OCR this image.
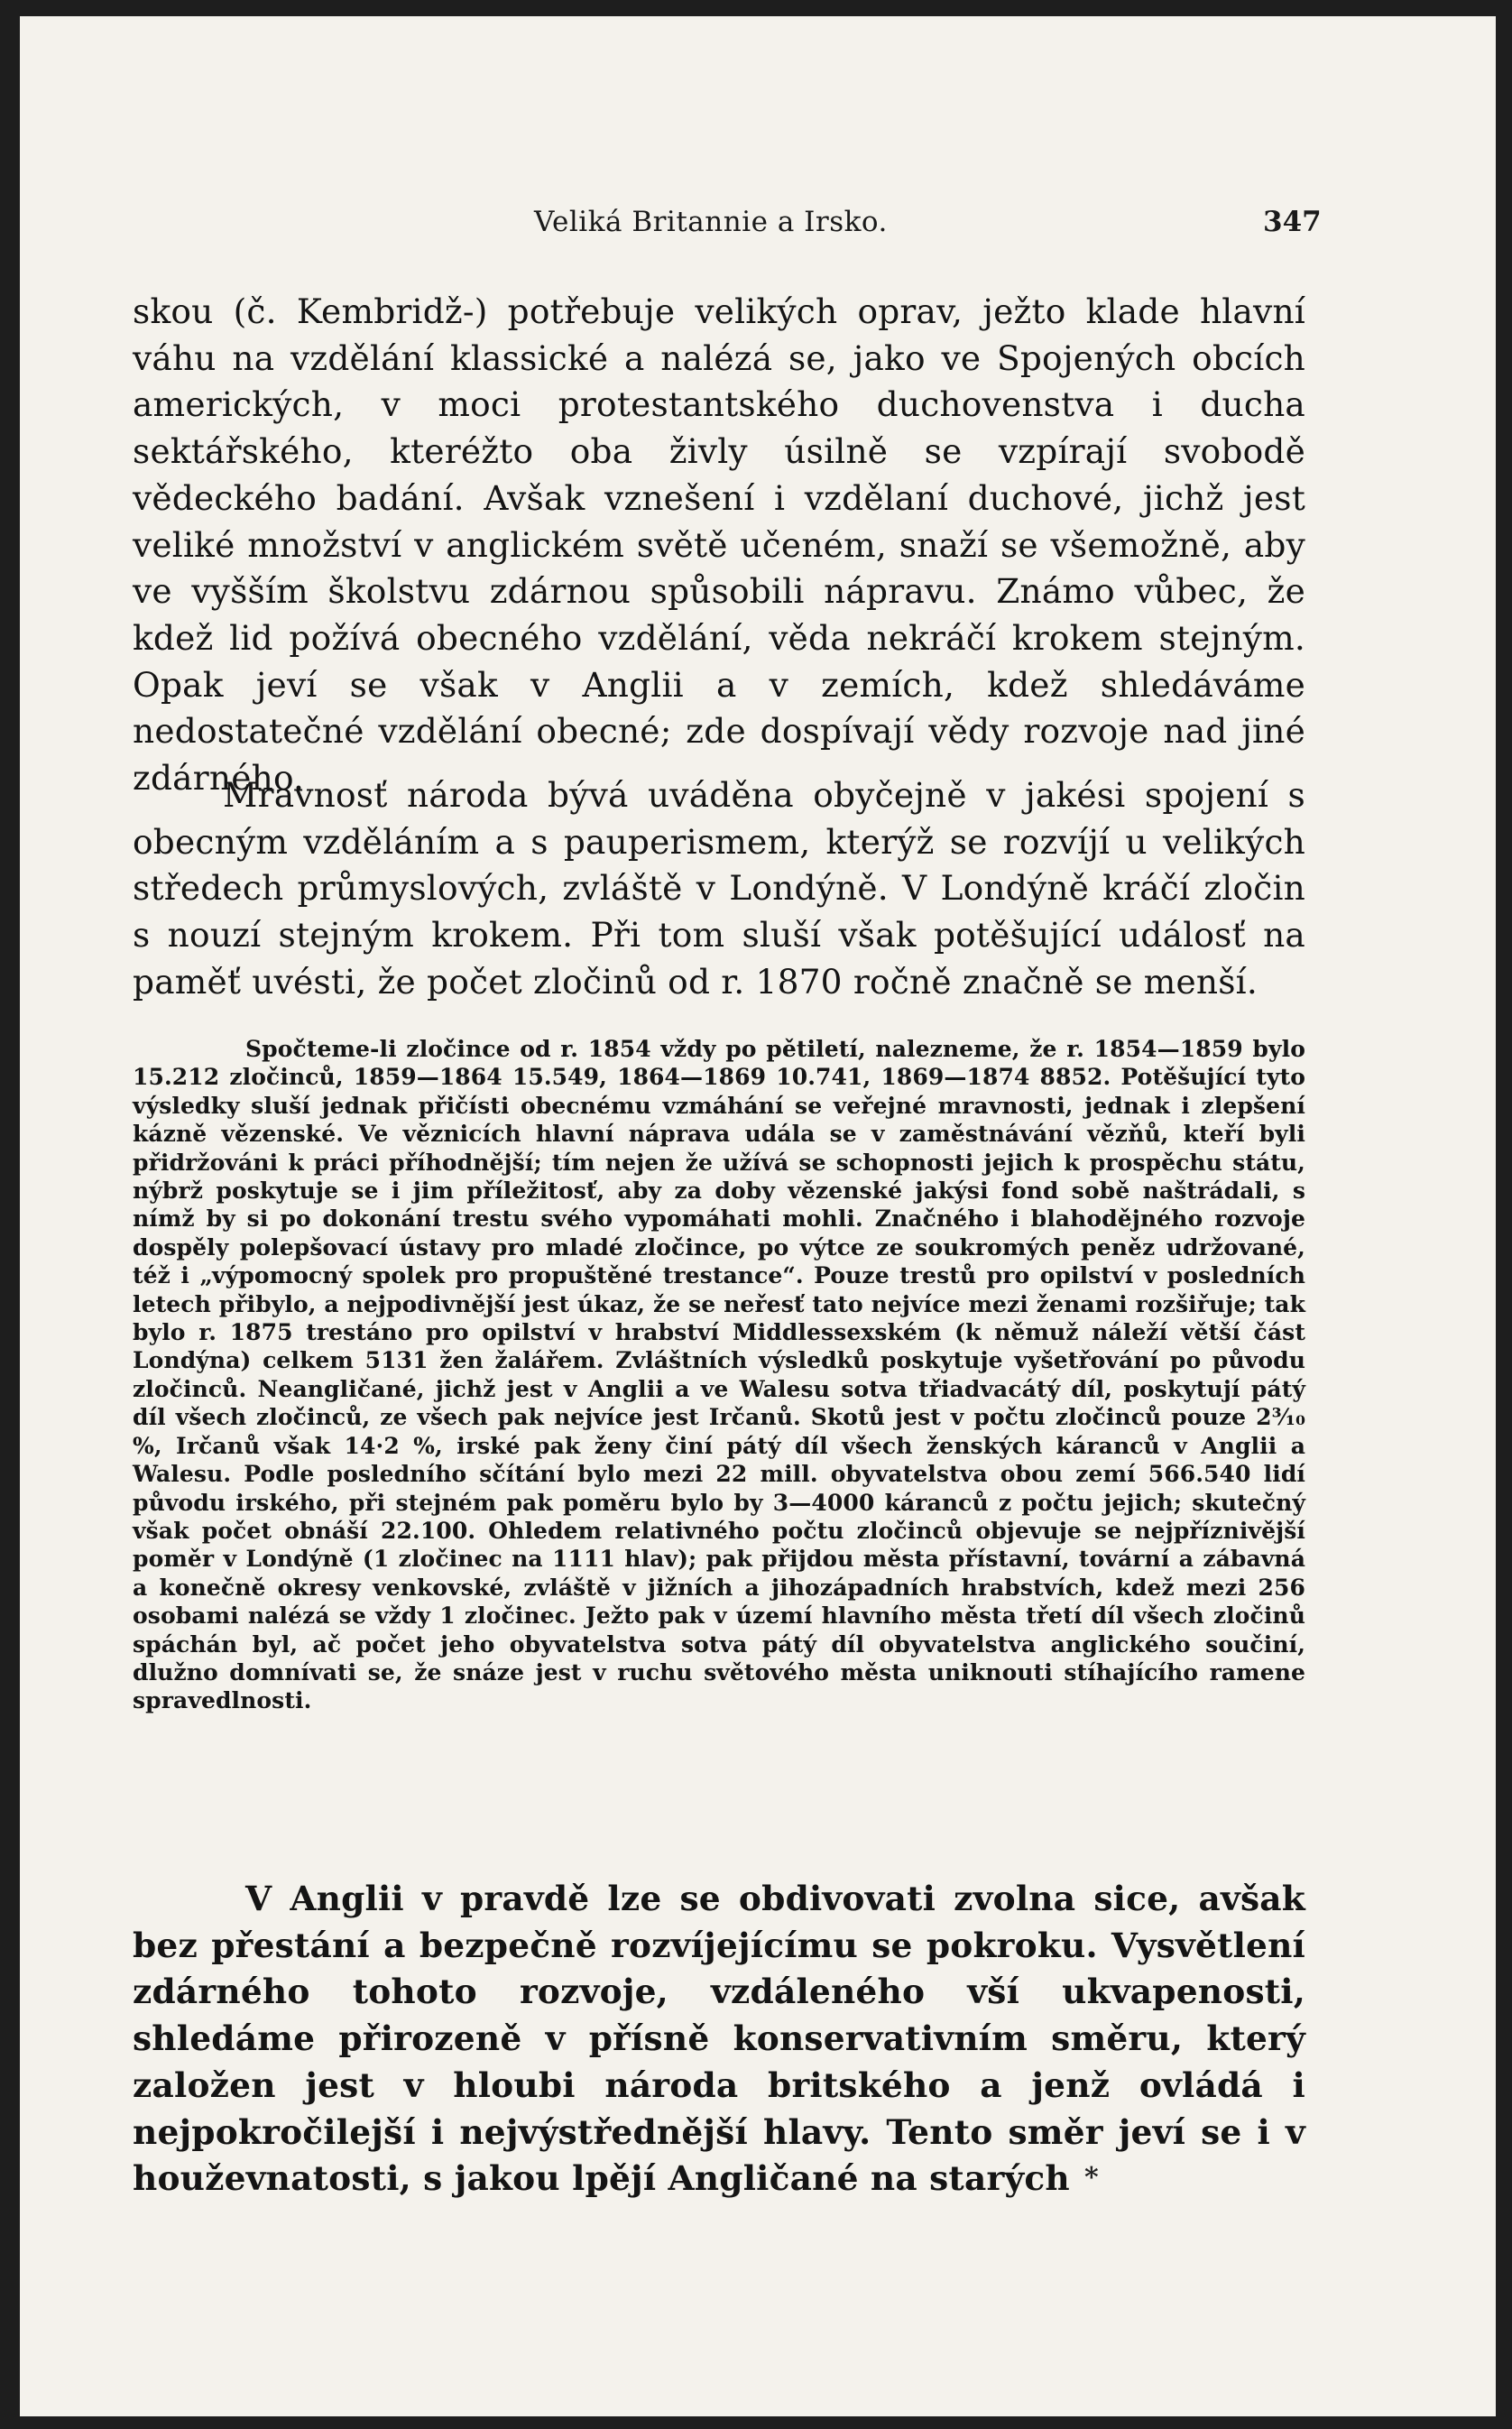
Veliká Britannie a Irsko.	347

skou (č. Kembridž-) potřebuje velikých oprav, ježto klade hlavní váhu na vzdělání klassické a nalézá se, jako ve Spojených obcích amerických, v moci protestantského duchovenstva i ducha sektářského, kteréžto oba živly úsilně se vzpírají svobodě vědeckého badání. Avšak vznešení i vzdělaní duchové, jichž jest veliké množství v anglickém světě učeném, snaží se všemožně, aby ve vyšším školstvu zdárnou spůsobili nápravu. Známo vůbec, že kdež lid požívá obecného vzdělání, věda nekráčí krokem stejným. Opak jeví se však v Anglii a v zemích, kdež shledáváme nedostatečné vzdělání obecné; zde dospívají vědy rozvoje nad jiné zdárného.

Mravnosť národa bývá uváděna obyčejně v jakési spojení s obecným vzděláním a s pauperismem, kterýž se rozvíjí u velikých středech průmyslových, zvláště v Londýně. V Londýně kráčí zločin s nouzí stejným krokem. Při tom sluší však potěšující událosť na paměť uvésti, že počet zločinů od r. 1870 ročně značně se menší.

Spočteme-li zločince od r. 1854 vždy po pětiletí, nalezneme, že r. 1854—1859 bylo 15.212 zločinců, 1859—1864 15.549, 1864—1869 10.741, 1869—1874 8852. Potěšující tyto výsledky sluší jednak přičísti obecnému vzmáhání se veřejné mravnosti, jednak i zlepšení kázně vězenské. Ve věznicích hlavní náprava udála se v zaměstnávání vězňů, kteří byli přidržováni k práci příhodnější; tím nejen že užívá se schopnosti jejich k prospěchu státu, nýbrž poskytuje se i jim příležitosť, aby za doby vězenské jakýsi fond sobě naštrádali, s nímž by si po dokonání trestu svého vypomáhati mohli. Značného i blahodějného rozvoje dospěly polepšovací ústavy pro mladé zločince, po výtce ze soukromých peněz udržované, též i „výpomocný spolek pro propuštěné trestance“. Pouze trestů pro opilství v posledních letech přibylo, a nejpodivnější jest úkaz, že se neřesť tato nejvíce mezi ženami rozšiřuje; tak bylo r. 1875 trestáno pro opilství v hrabství Middlessexském (k němuž náleží větší část Londýna) celkem 5131 žen žalářem. Zvláštních výsledků poskytuje vyšetřování po původu zločinců. Neangličané, jichž jest v Anglii a ve Walesu sotva třiadvacátý díl, poskytují pátý díl všech zločinců, ze všech pak nejvíce jest Irčanů. Skotů jest v počtu zločinců pouze 2³⁄₁₀ %, Irčanů však 14·2 %, irské pak ženy činí pátý díl všech ženských káranců v Anglii a Walesu. Podle posledního sčítání bylo mezi 22 mill. obyvatelstva obou zemí 566.540 lidí původu irského, při stejném pak poměru bylo by 3—4000 káranců z počtu jejich; skutečný však počet obnáší 22.100. Ohledem relativného počtu zločinců objevuje se nejpříznivější poměr v Londýně (1 zločinec na 1111 hlav); pak přijdou města přístavní, tovární a zábavná a konečně okresy venkovské, zvláště v jižních a jihozápadních hrabstvích, kdež mezi 256 osobami nalézá se vždy 1 zločinec. Ježto pak v území hlavního města třetí díl všech zločinů spáchán byl, ač počet jeho obyvatelstva sotva pátý díl obyvatelstva anglického součiní, dlužno domnívati se, že snáze jest v ruchu světového města uniknouti stíhajícího ramene spravedlnosti.

V Anglii v pravdě lze se obdivovati zvolna sice, avšak bez přestání a bezpečně rozvíjejícímu se pokroku. Vysvětlení zdárného tohoto rozvoje, vzdáleného vší ukvapenosti, shledáme přirozeně v přísně konservativním směru, který založen jest v hloubi národa britského a jenž ovládá i nejpokročilejší i nejvýstřednější hlavy. Tento směr jeví se i v houževnatosti, s jakou lpějí Angličané na starých *
